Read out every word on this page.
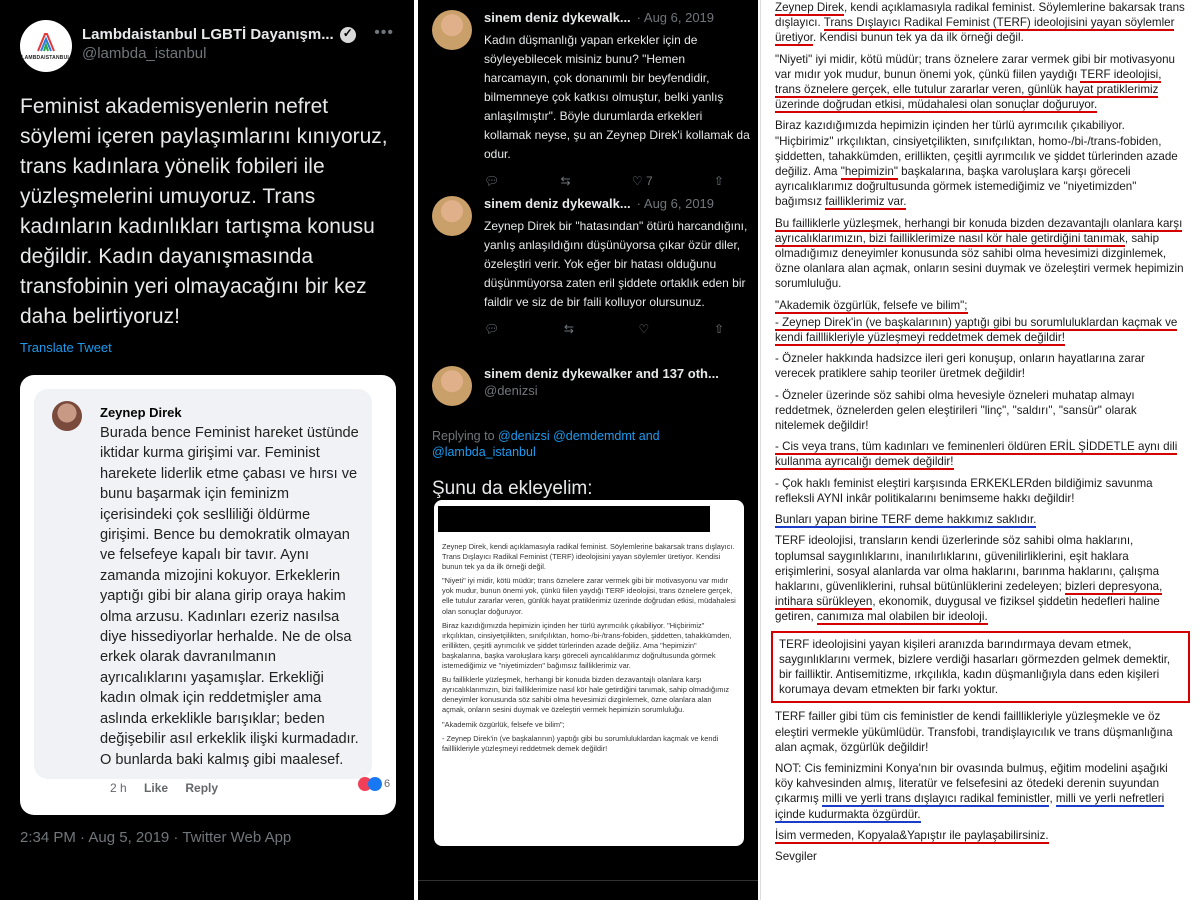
LAMBDAISTANBUL
Lambdaistanbul LGBTİ Dayanışm...
✓
@lambda_istanbul
•••
Feminist akademisyenlerin nefret söylemi içeren paylaşımlarını kınıyoruz, trans kadınlara yönelik fobileri ile yüzleşmelerini umuyoruz. Trans kadınların kadınlıkları tartışma konusu değildir. Kadın dayanışmasında transfobinin yeri olmayacağını bir kez daha belirtiyoruz!
Translate Tweet
Zeynep Direk
Burada bence Feminist hareket üstünde iktidar kurma girişimi var. Feminist harekete liderlik etme çabası ve hırsı ve bunu başarmak için feminizm içerisindeki çok seslliliği öldürme girişimi. Bence bu demokratik olmayan ve felsefeye kapalı bir tavır. Aynı zamanda mizojini kokuyor. Erkeklerin yaptığı gibi bir alana girip oraya hakim olma arzusu. Kadınları ezeriz nasılsa diye hissediyorlar herhalde. Ne de olsa erkek olarak davranılmanın ayrıcalıklarını yaşamışlar. Erkekliği kadın olmak için reddetmişler ama aslında erkeklikle barışıklar; beden değişebilir asıl erkeklik ilişki kurmadadır. O bunlarda baki kalmış gibi maalesef.
2 h Like Reply	6
2:34 PM · Aug 5, 2019 · Twitter Web App
sinem deniz dykewalk... · Aug 6, 2019
Kadın düşmanlığı yapan erkekler için de söyleyebilecek misiniz bunu? "Hemen harcamayın, çok donanımlı bir beyfendidir, bilmemneye çok katkısı olmuştur, belki yanlış anlaşılmıştır". Böyle durumlarda erkekleri kollamak neyse, şu an Zeynep Direk'i kollamak da odur.
💬︎	⇆	♡ 7	⇧
sinem deniz dykewalk... · Aug 6, 2019
Zeynep Direk bir "hatasından" ötürü harcandığını, yanlış anlaşıldığını düşünüyorsa çıkar özür diler, özeleştiri verir. Yok eğer bir hatası olduğunu düşünmüyorsa zaten eril şiddete ortaklık eden bir faildir ve siz de bir faili kolluyor olursunuz.
💬︎	⇆	♡	⇧
sinem deniz dykewalker and 137 oth...
@denizsi
Replying to @denizsi @demdemdmt and @lambda_istanbul
Şunu da ekleyelim:

Zeynep Direk, kendi açıklamasıyla radikal feminist. Söylemlerine bakarsak trans dışlayıcı. Trans Dışlayıcı Radikal Feminist (TERF) ideolojisini yayan söylemler üretiyor. Kendisi bunun tek ya da ilk örneği değil.

"Niyeti" iyi midir, kötü müdür; trans öznelere zarar vermek gibi bir motivasyonu var mıdır yok mudur, bunun önemi yok, çünkü fiilen yaydığı TERF ideolojisi, trans öznelere gerçek, elle tutulur zararlar veren, günlük hayat pratiklerimiz üzerinde doğrudan etkisi, müdahalesi olan sonuçlar doğuruyor.

Biraz kazıdığımızda hepimizin içinden her türlü ayrımcılık çıkabiliyor. "Hiçbirimiz" ırkçılıktan, cinsiyetçilikten, sınıfçılıktan, homo-/bi-/trans-fobiden, şiddetten, tahakkümden, erillikten, çeşitli ayrımcılık ve şiddet türlerinden azade değiliz. Ama "hepimizin" başkalarına, başka varoluşlara karşı göreceli ayrıcalıklarımız doğrultusunda görmek istemediğimiz ve "niyetimizden" bağımsız failliklerimiz var.

Bu failliklerle yüzleşmek, herhangi bir konuda bizden dezavantajlı olanlara karşı ayrıcalıklarımızın, bizi failliklerimize nasıl kör hale getirdiğini tanımak, sahip olmadığımız deneyimler konusunda söz sahibi olma hevesimizi dizginlemek, özne olanlara alan açmak, onların sesini duymak ve özeleştiri vermek hepimizin sorumluluğu.

"Akademik özgürlük, felsefe ve bilim";

- Zeynep Direk'in (ve başkalarının) yaptığı gibi bu sorumluluklardan kaçmak ve kendi failllikleriyle yüzleşmeyi reddetmek demek değildir!

Zeynep Direk, kendi açıklamasıyla radikal feminist. Söylemlerine bakarsak trans dışlayıcı. Trans Dışlayıcı Radikal Feminist (TERF) ideolojisini yayan söylemler üretiyor. Kendisi bunun tek ya da ilk örneği değil.

"Niyeti" iyi midir, kötü müdür; trans öznelere zarar vermek gibi bir motivasyonu var mıdır yok mudur, bunun önemi yok, çünkü fiilen yaydığı TERF ideolojisi, trans öznelere gerçek, elle tutulur zararlar veren, günlük hayat pratiklerimiz üzerinde doğrudan etkisi, müdahalesi olan sonuçlar doğuruyor.

Biraz kazıdığımızda hepimizin içinden her türlü ayrımcılık çıkabiliyor. "Hiçbirimiz" ırkçılıktan, cinsiyetçilikten, sınıfçılıktan, homo-/bi-/trans-fobiden, şiddetten, tahakkümden, erillikten, çeşitli ayrımcılık ve şiddet türlerinden azade değiliz. Ama "hepimizin" başkalarına, başka varoluşlara karşı göreceli ayrıcalıklarımız doğrultusunda görmek istemediğimiz ve "niyetimizden" bağımsız failliklerimiz var.

Bu failliklerle yüzleşmek, herhangi bir konuda bizden dezavantajlı olanlara karşı ayrıcalıklarımızın, bizi failliklerimize nasıl kör hale getirdiğini tanımak, sahip olmadığımız deneyimler konusunda söz sahibi olma hevesimizi dizginlemek, özne olanlara alan açmak, onların sesini duymak ve özeleştiri vermek hepimizin sorumluluğu.

"Akademik özgürlük, felsefe ve bilim";

- Zeynep Direk'in (ve başkalarının) yaptığı gibi bu sorumluluklardan kaçmak ve kendi failllikleriyle yüzleşmeyi reddetmek demek değildir!

- Özneler hakkında hadsizce ileri geri konuşup, onların hayatlarına zarar verecek pratiklere sahip teoriler üretmek değildir!

- Özneler üzerinde söz sahibi olma hevesiyle özneleri muhatap almayı reddetmek, öznelerden gelen eleştirileri "linç", "saldırı", "sansür" olarak nitelemek değildir!

- Cis veya trans, tüm kadınları ve feminenleri öldüren ERİL ŞİDDETLE aynı dili kullanma ayrıcalığı demek değildir!

- Çok haklı feminist eleştiri karşısında ERKEKLERden bildiğimiz savunma refleksli AYNI inkâr politikalarını benimseme hakkı değildir!

Bunları yapan birine TERF deme hakkımız saklıdır.

TERF ideolojisi, transların kendi üzerlerinde söz sahibi olma haklarını, toplumsal saygınlıklarını, inanılırlıklarını, güvenilirliklerini, eşit haklara erişimlerini, sosyal alanlarda var olma haklarını, barınma haklarını, çalışma haklarını, güvenliklerini, ruhsal bütünlüklerini zedeleyen; bizleri depresyona, intihara sürükleyen, ekonomik, duygusal ve fiziksel şiddetin hedefleri haline getiren, canımıza mal olabilen bir ideoloji.

TERF ideolojisini yayan kişileri aranızda barındırmaya devam etmek, saygınlıklarını vermek, bizlere verdiği hasarları görmezden gelmek demektir, bir failliktir. Antisemitizme, ırkçılıkla, kadın düşmanlığıyla dans eden kişileri korumaya devam etmekten bir farkı yoktur.

TERF failler gibi tüm cis feministler de kendi failllikleriyle yüzleşmekle ve öz eleştiri vermekle yükümlüdür. Transfobi, trandişlayıcılık ve trans düşmanlığına alan açmak, özgürlük değildir!

NOT: Cis feminizmini Konya'nın bir ovasında bulmuş, eğitim modelini aşağıki köy kahvesinden almış, literatür ve felsefesini az ötedeki derenin suyundan çıkarmış milli ve yerli trans dışlayıcı radikal feministler, milli ve yerli nefretleri içinde kudurmakta özgürdür.

İsim vermeden, Kopyala&Yapıştır ile paylaşabilirsiniz.

Sevgiler
